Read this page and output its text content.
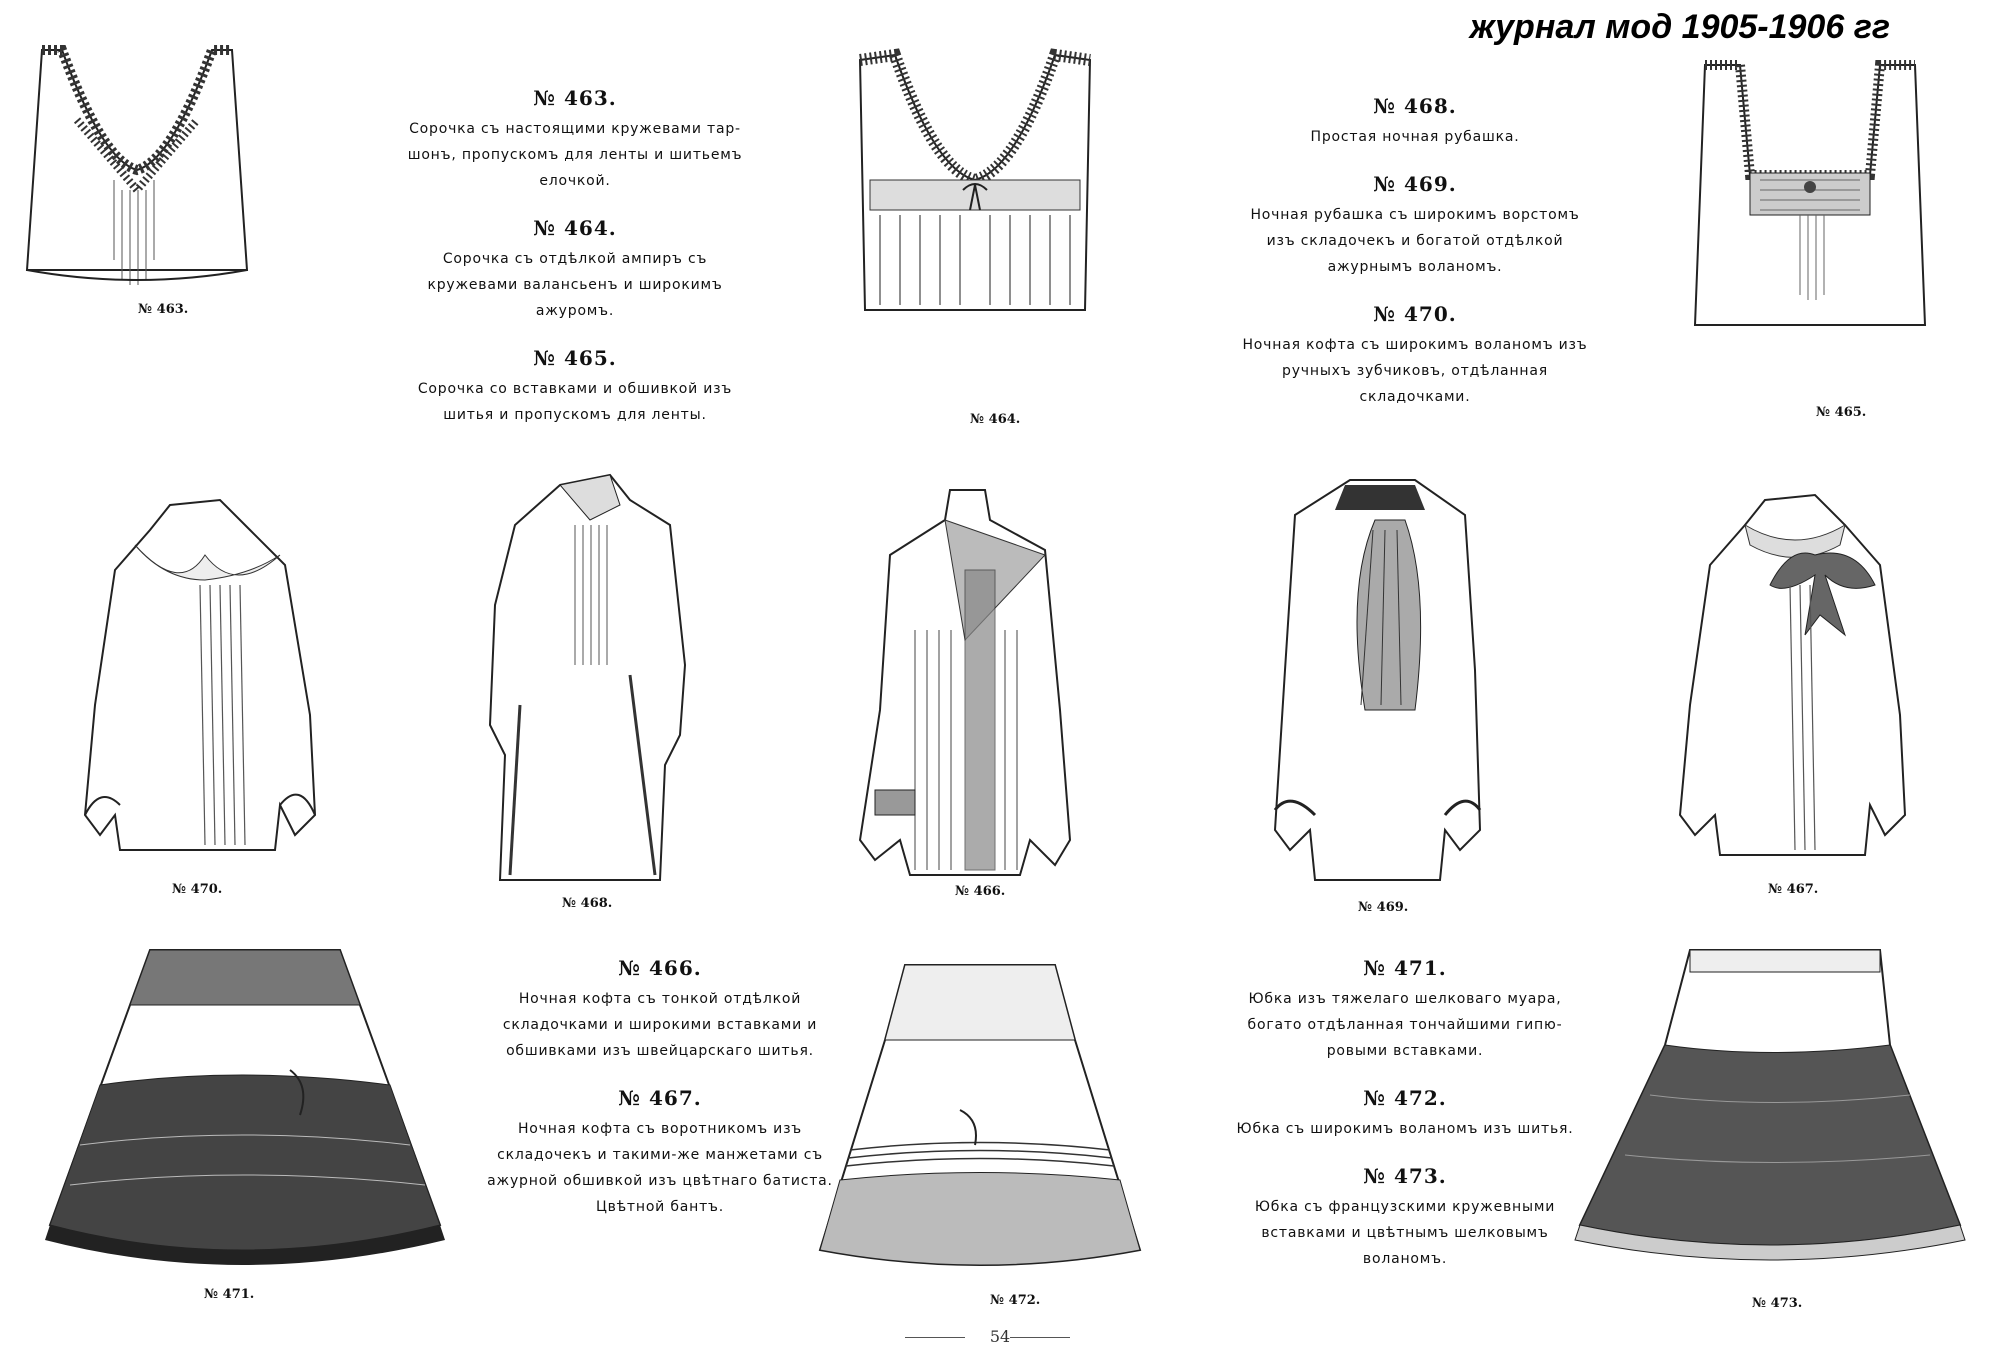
журнал мод 1905-1906 гг
№ 463.
№ 463.
Сорочка съ настоящими кружевами тар-шонъ, пропускомъ для ленты и шитьемъ елочкой.
№ 464.
Сорочка съ отдѣлкой ампиръ съ кружевами валансьенъ и широкимъ ажуромъ.
№ 465.
Сорочка со вставками и обшивкой изъ шитья и пропускомъ для ленты.	№ 464.
№ 468.
Простая ночная рубашка.
№ 469.
Ночная рубашка съ широкимъ ворстомъ изъ складочекъ и богатой отдѣлкой ажурнымъ воланомъ.
№ 470.
Ночная кофта съ широкимъ воланомъ изъ ручныхъ зубчиковъ, отдѣланная складочками.
№ 465.
№ 470.
№ 468.
№ 466.
№ 469.
№ 467.
№ 471.
№ 466.
Ночная кофта съ тонкой отдѣлкой складочками и широкими вставками и обшивками изъ швейцарскаго шитья.
№ 467.
Ночная кофта съ воротникомъ изъ складочекъ и такими-же манжетами съ ажурной обшивкой изъ цвѣтнаго батиста. Цвѣтной бантъ.
№ 472.
№ 471.
Юбка изъ тяжелаго шелковаго муара, богато отдѣланная тончайшими гипю-ровыми вставками.
№ 472.
Юбка съ широкимъ воланомъ изъ шитья.
№ 473.
Юбка съ французскими кружевными вставками и цвѣтнымъ шелковымъ воланомъ.
№ 473.
54
